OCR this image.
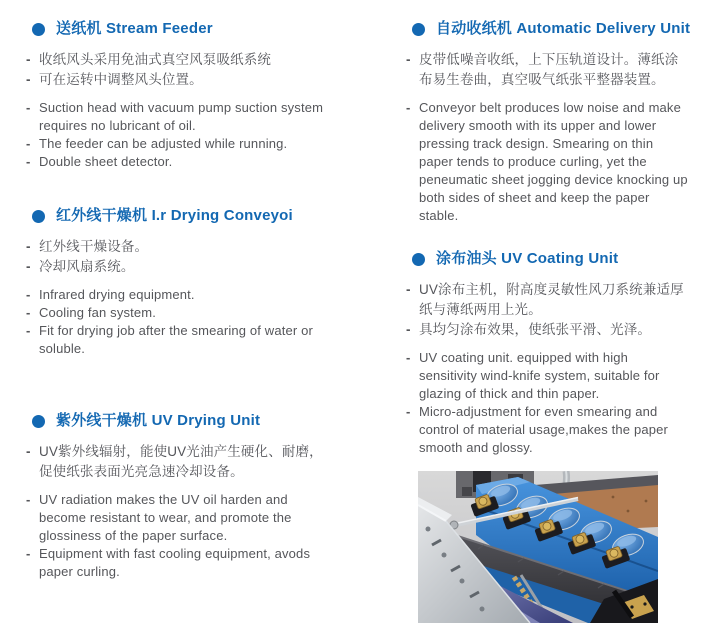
送纸机 Stream Feeder
- 收纸风头采用免油式真空风泵吸纸系统
- 可在运转中调整风头位置。
- Suction head with vacuum pump suction system requires no lubricant of oil.
- The feeder can be adjusted while running.
- Double sheet detector.
红外线干燥机 I.r Drying Conveyoi
- 红外线干燥设备。
- 冷却风扇系统。
- Infrared drying equipment.
- Cooling fan system.
- Fit for drying job after the smearing of water or soluble.
紫外线干燥机 UV Drying Unit
- UV紫外线辐射，能使UV光油产生硬化、耐磨，促使纸张表面光亮急速冷却设备。
- UV radiation makes the UV oil harden and become resistant to wear, and promote the glossiness of the paper surface.
- Equipment with fast cooling equipment, avods paper curling.
自动收纸机 Automatic Delivery Unit
- 皮带低噪音收纸，上下压轨道设计。薄纸涂布易生卷曲，真空吸气纸张平整器装置。
- Conveyor belt produces low noise and make delivery smooth with its upper and lower pressing track design. Smearing on thin paper tends to produce curling, yet the peneumatic sheet jogging device knocking up both sides of sheet and keep the paper stable.
涂布油头 UV Coating Unit
- UV涂布主机，附高度灵敏性风刀系统兼适厚纸与薄纸两用上光。
- 具均匀涂布效果，使纸张平滑、光泽。
- UV coating unit. equipped with high sensitivity wind-knife system, suitable for glazing of thick and thin paper.
- Micro-adjustment for even smearing and control of material usage,makes the paper smooth and glossy.
